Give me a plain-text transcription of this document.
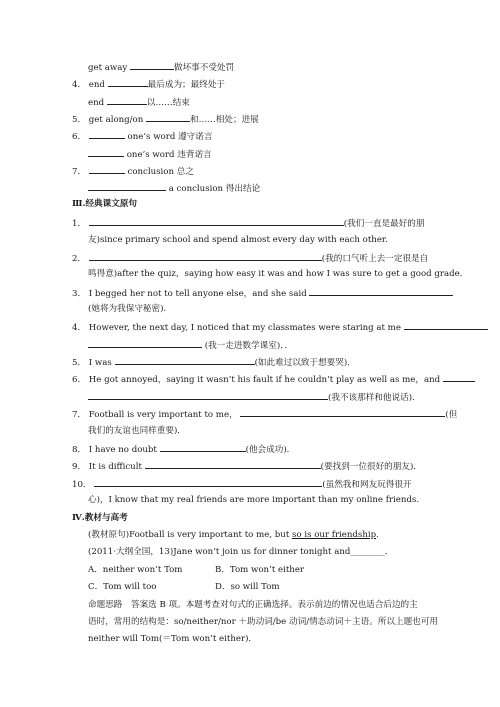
get away	做坏事不受处罚
4． end	最后成为；最终处于
end	以……结束
5． get along/on	和……相处；进展
6．	one’s word 遵守诺言
one’s word 违背诺言
7．	conclusion 总之
a conclusion 得出结论
Ⅲ.经典课文原句
1．	(我们一直是最好的朋
友)since primary school and spend almost every day with each other.
2．	(我的口气听上去一定很是自
鸣得意)after the quiz，saying how easy it was and how I was sure to get a good grade.
3． I begged her not to tell anyone else，and she said
(她将为我保守秘密).
4． However, the next day, I noticed that my classmates were staring at me
(我一走进数学课室)．．
5． I was	(如此难过以致于想要哭)．
6． He got annoyed，saying it wasn’t his fault if he couldn’t play as well as me，and
(我不该那样和他说话)．
7． Football is very important to me，	(但
我们的友谊也同样重要)．
8． I have no doubt	(他会成功)．
9． It is difficult	(要找到一位很好的朋友)．
10．	(虽然我和网友玩得很开
心)，I know that my real friends are more important than my online friends.
Ⅳ.教材与高考
(教材原句)Football is very important to me, but so is our friendship.
(2011·大纲全国，13)Jane won’t join us for dinner tonight and________．
A．neither won’t Tom	B．Tom won’t either
C．Tom will too	D．so will Tom
命题思路　答案选 B 项。本题考查对句式的正确选择。表示前边的情况也适合后边的主
语时，常用的结构是：so/neither/nor ＋助动词/be 动词/情态动词＋主语。所以上题也可用
neither will Tom(＝Tom won’t either)．
